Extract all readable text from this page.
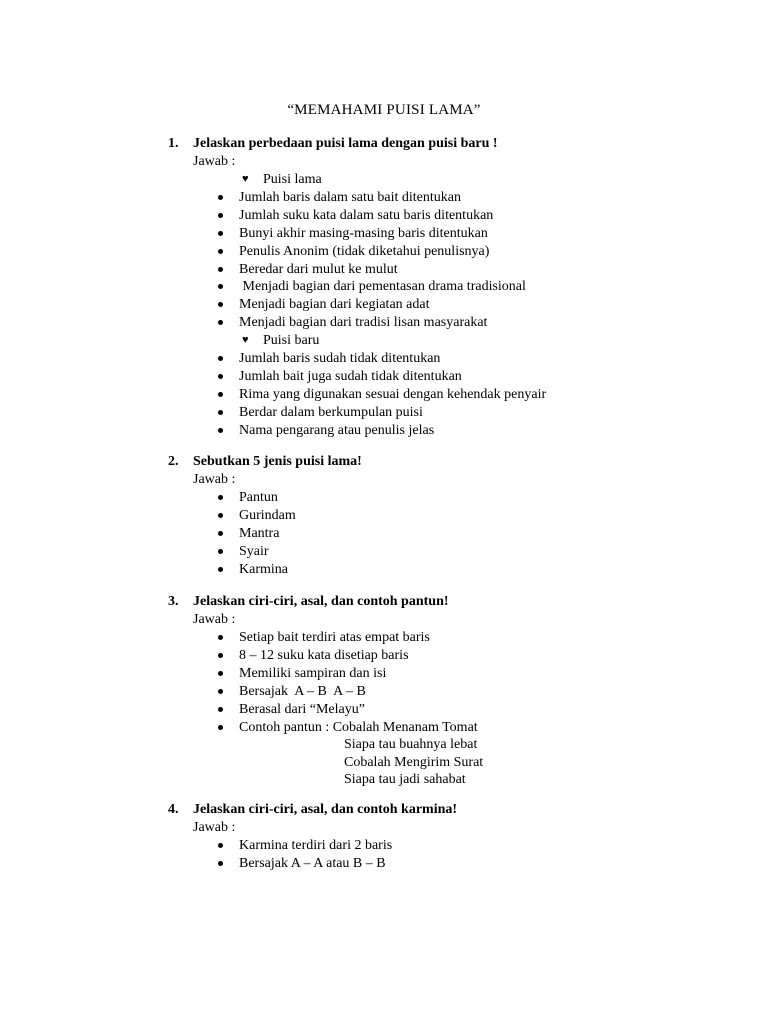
“MEMAHAMI PUISI LAMA”
1.	Jelaskan perbedaan puisi lama dengan puisi baru !
Jawab :
♥ Puisi lama
Jumlah baris dalam satu bait ditentukan
Jumlah suku kata dalam satu baris ditentukan
Bunyi akhir masing-masing baris ditentukan
Penulis Anonim (tidak diketahui penulisnya)
Beredar dari mulut ke mulut
Menjadi bagian dari pementasan drama tradisional
Menjadi bagian dari kegiatan adat
Menjadi bagian dari tradisi lisan masyarakat
♥ Puisi baru
Jumlah baris sudah tidak ditentukan
Jumlah bait juga sudah tidak ditentukan
Rima yang digunakan sesuai dengan kehendak penyair
Berdar dalam berkumpulan puisi
Nama pengarang atau penulis jelas
2.	Sebutkan 5 jenis puisi lama!
Jawab :
Pantun
Gurindam
Mantra
Syair
Karmina
3.	Jelaskan ciri-ciri, asal, dan contoh pantun!
Jawab :
Setiap bait terdiri atas empat baris
8 – 12 suku kata disetiap baris
Memiliki sampiran dan isi
Bersajak  A – B  A – B
Berasal dari “Melayu”
Contoh pantun : Cobalah Menanam Tomat
Siapa tau buahnya lebat
Cobalah Mengirim Surat
Siapa tau jadi sahabat
4.	Jelaskan ciri-ciri, asal, dan contoh karmina!
Jawab :
Karmina terdiri dari 2 baris
Bersajak A – A atau B – B
